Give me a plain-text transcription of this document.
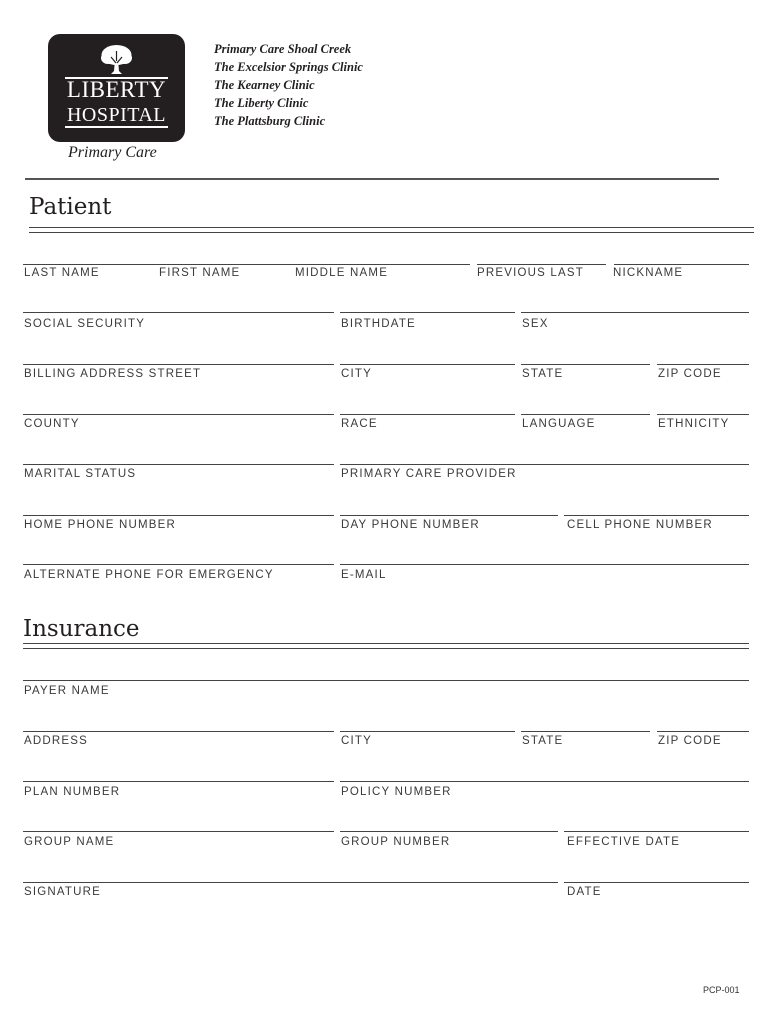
LIBERTY
HOSPITAL
Primary Care
Primary Care Shoal Creek
The Excelsior Springs Clinic
The Kearney Clinic
The Liberty Clinic
The Plattsburg Clinic
Patient
LAST NAME	FIRST NAME	MIDDLE NAME	PREVIOUS LAST	NICKNAME
SOCIAL SECURITY	BIRTHDATE	SEX
BILLING ADDRESS STREET	CITY	STATE	ZIP CODE
COUNTY	RACE	LANGUAGE	ETHNICITY
MARITAL STATUS	PRIMARY CARE PROVIDER
HOME PHONE NUMBER	DAY PHONE NUMBER	CELL PHONE NUMBER
ALTERNATE PHONE FOR EMERGENCY	E-MAIL
Insurance
PAYER NAME
ADDRESS	CITY	STATE	ZIP CODE
PLAN NUMBER	POLICY NUMBER
GROUP NAME	GROUP NUMBER	EFFECTIVE DATE
SIGNATURE	DATE
PCP-001
